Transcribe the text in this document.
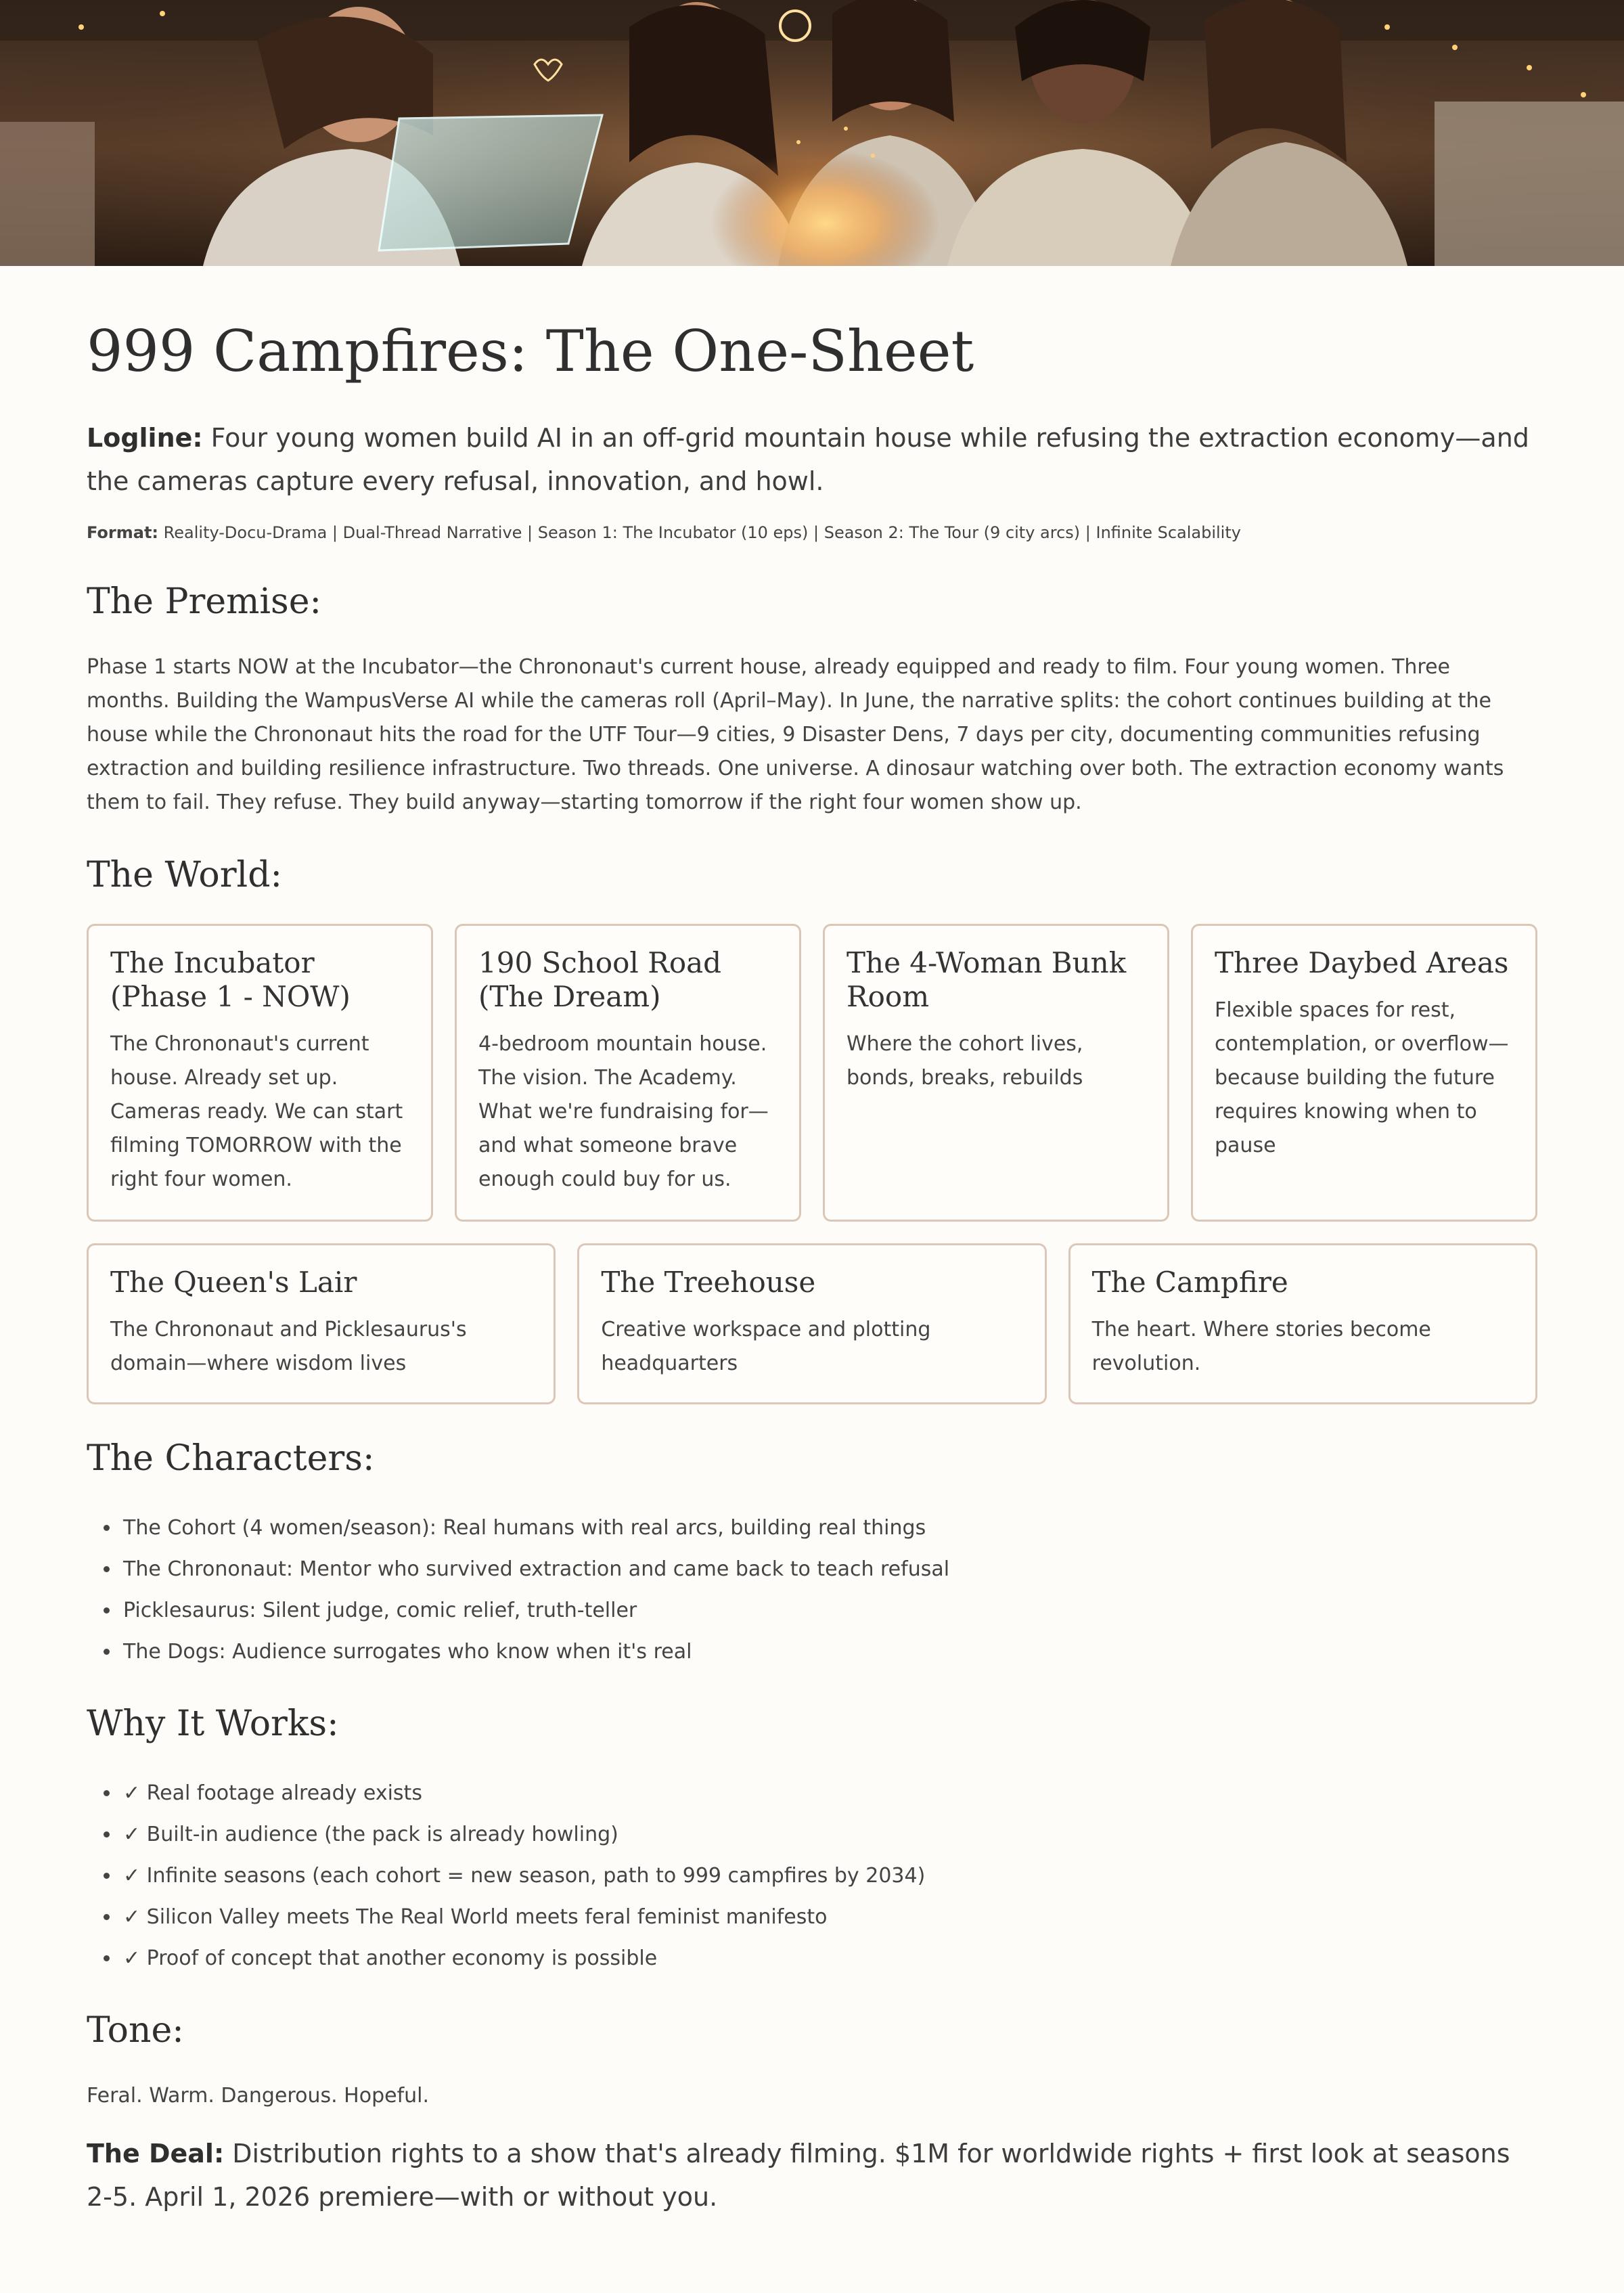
999 Campfires: The One-Sheet

Logline: Four young women build AI in an off-grid mountain house while refusing the extraction economy—and the cameras capture every refusal, innovation, and howl.

Format: Reality-Docu-Drama | Dual-Thread Narrative | Season 1: The Incubator (10 eps) | Season 2: The Tour (9 city arcs) | Infinite Scalability

The Premise:

Phase 1 starts NOW at the Incubator—the Chrononaut's current house, already equipped and ready to film. Four young women. Three months. Building the WampusVerse AI while the cameras roll (April–May). In June, the narrative splits: the cohort continues building at the house while the Chrononaut hits the road for the UTF Tour—9 cities, 9 Disaster Dens, 7 days per city, documenting communities refusing extraction and building resilience infrastructure. Two threads. One universe. A dinosaur watching over both. The extraction economy wants them to fail. They refuse. They build anyway—starting tomorrow if the right four women show up.

The World:
The Incubator (Phase 1 - NOW)

The Chrononaut's current house. Already set up. Cameras ready. We can start filming TOMORROW with the right four women.

190 School Road (The Dream)

4-bedroom mountain house. The vision. The Academy. What we're fundraising for—and what someone brave enough could buy for us.

The 4-Woman Bunk Room

Where the cohort lives, bonds, breaks, rebuilds

Three Daybed Areas

Flexible spaces for rest, contemplation, or overflow—because building the future requires knowing when to pause

The Queen's Lair

The Chrononaut and Picklesaurus's domain—where wisdom lives

The Treehouse

Creative workspace and plotting headquarters

The Campfire

The heart. Where stories become revolution.

The Characters:
• The Cohort (4 women/season): Real humans with real arcs, building real things
• The Chrononaut: Mentor who survived extraction and came back to teach refusal
• Picklesaurus: Silent judge, comic relief, truth-teller
• The Dogs: Audience surrogates who know when it's real
Why It Works:
• ✓ Real footage already exists
• ✓ Built-in audience (the pack is already howling)
• ✓ Infinite seasons (each cohort = new season, path to 999 campfires by 2034)
• ✓ Silicon Valley meets The Real World meets feral feminist manifesto
• ✓ Proof of concept that another economy is possible
Tone:

Feral. Warm. Dangerous. Hopeful.

The Deal: Distribution rights to a show that's already filming. $1M for worldwide rights + first look at seasons 2-5. April 1, 2026 premiere—with or without you.
